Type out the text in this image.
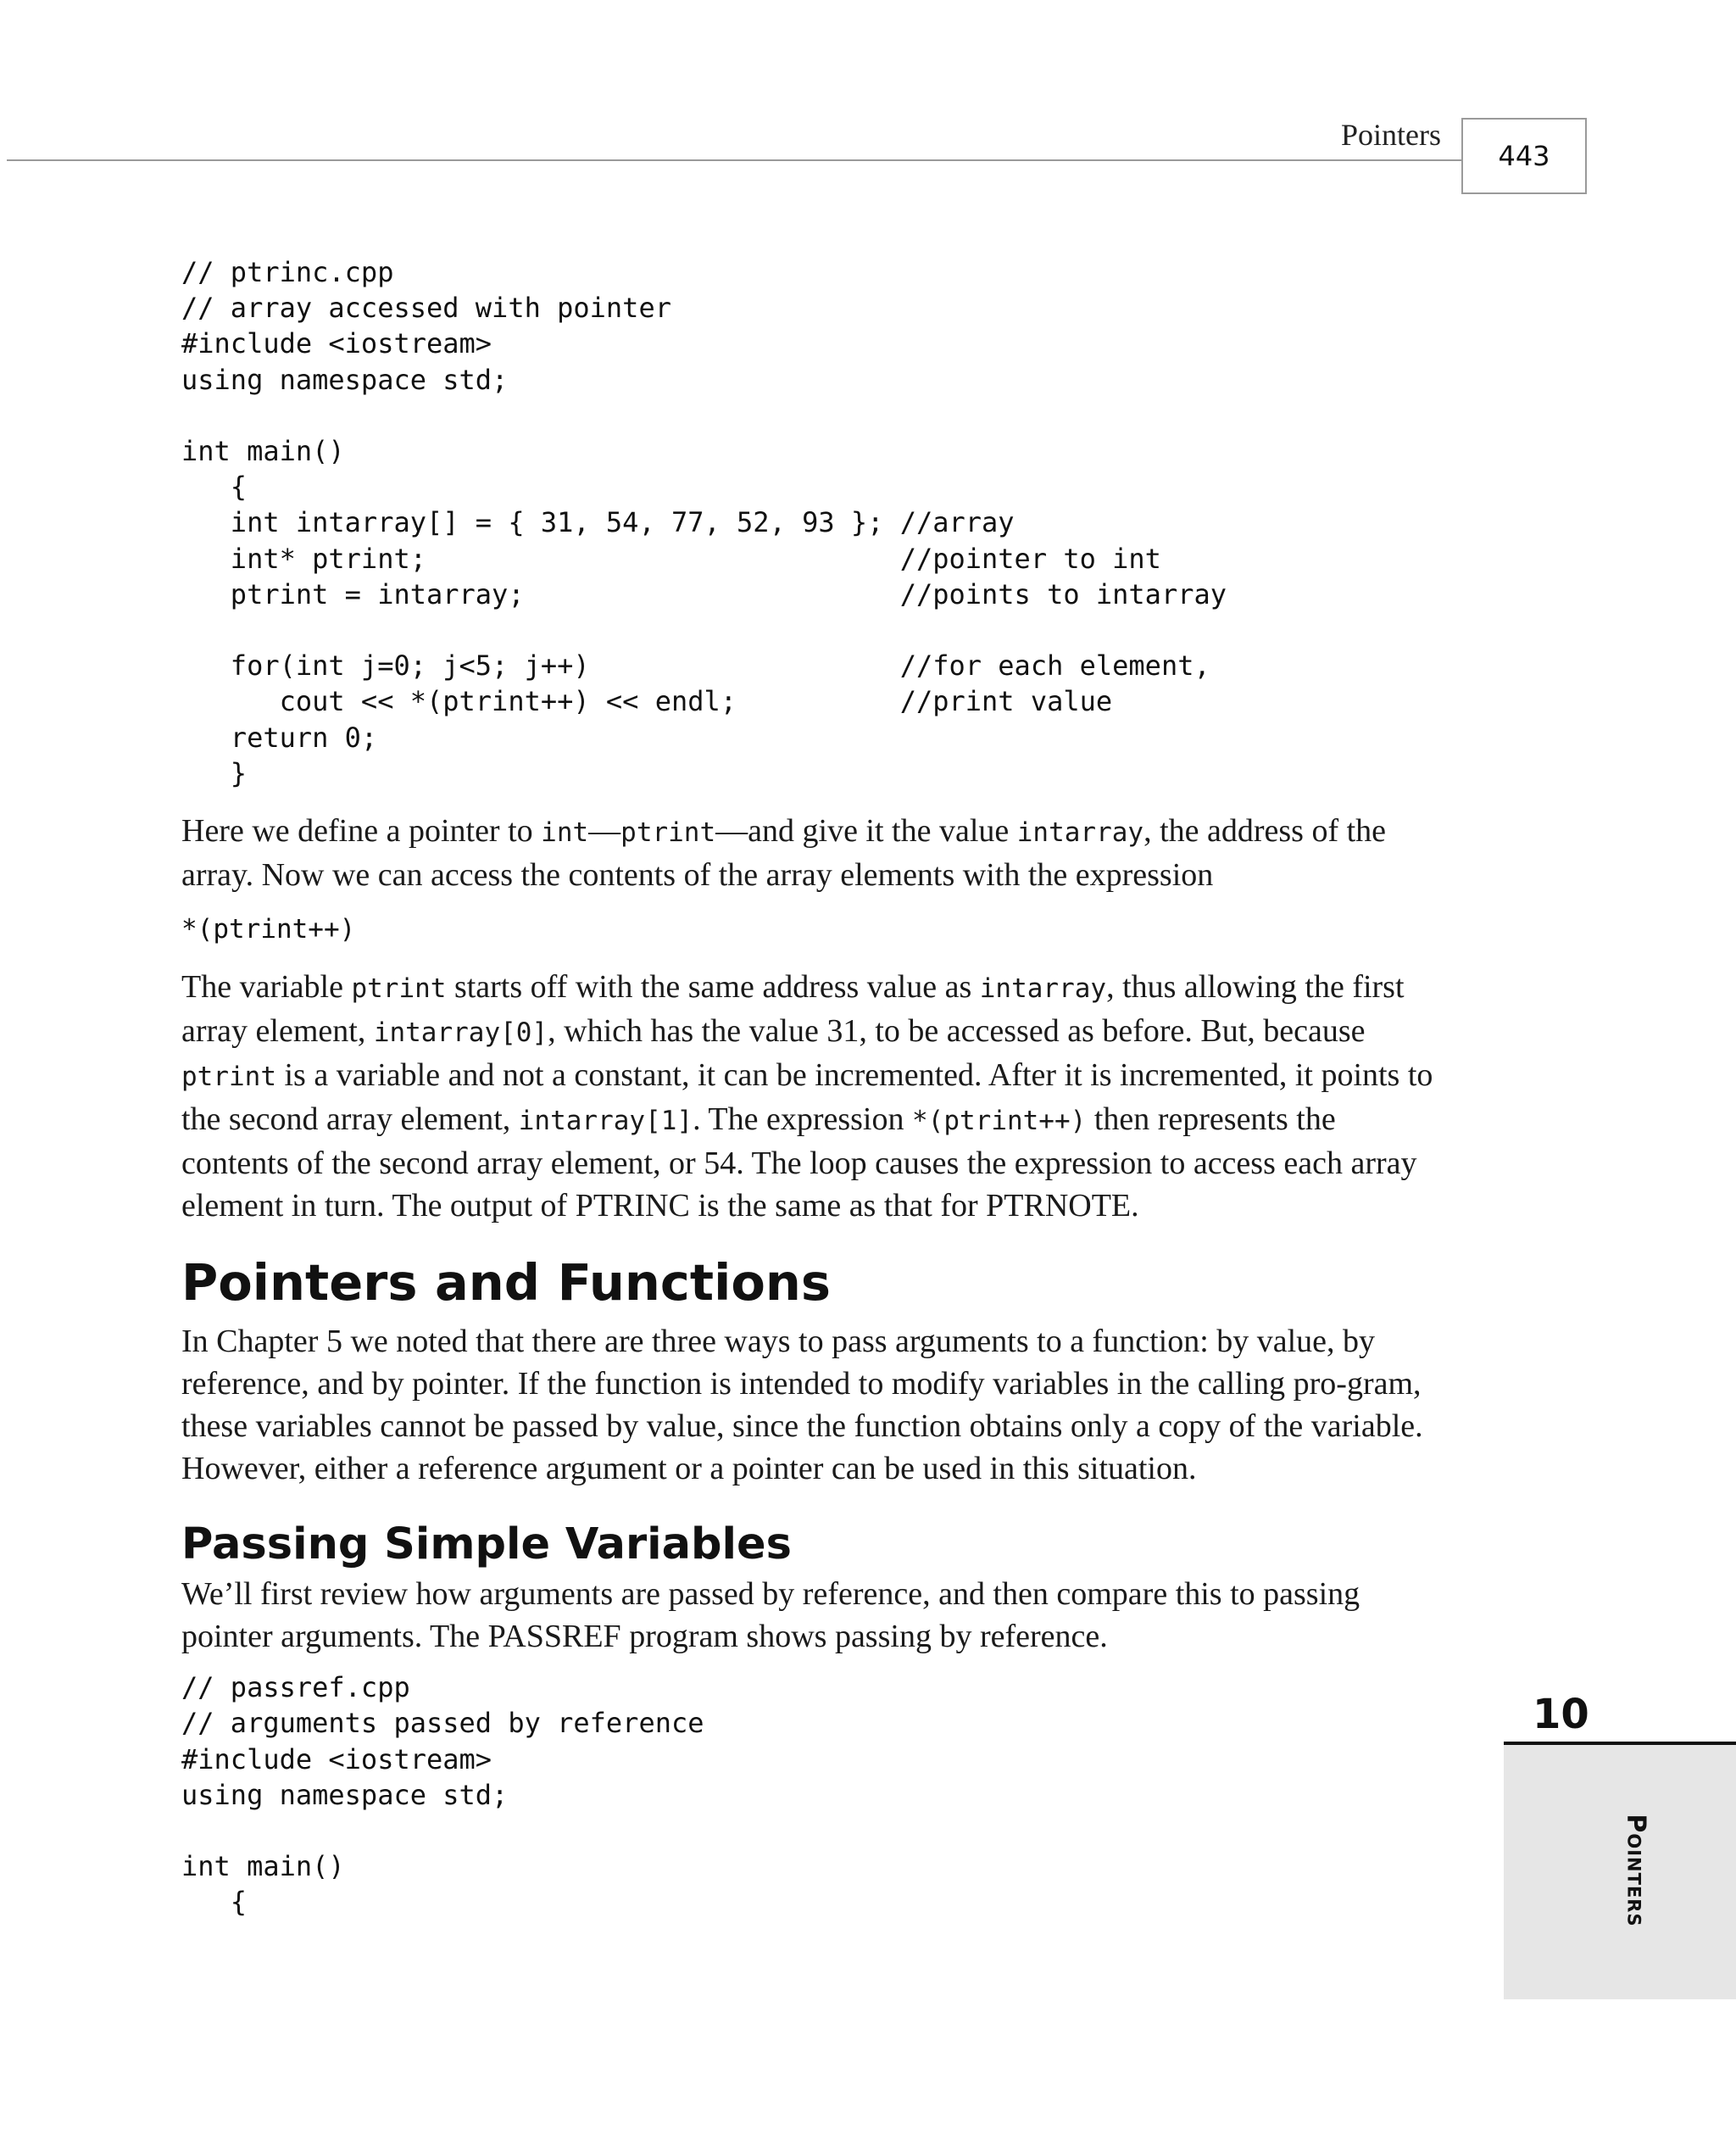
Pointers
443
// ptrinc.cpp
// array accessed with pointer
#include <iostream>
using namespace std;

int main()
{
int intarray[] = { 31, 54, 77, 52, 93 }; //array
int* ptrint;                             //pointer to int
ptrint = intarray;                       //points to intarray

for(int j=0; j<5; j++)                   //for each element,
cout << *(ptrint++) << endl;          //print value
return 0;
}

Here we define a pointer to int—ptrint—and give it the value intarray, the address of the array. Now we can access the contents of the array elements with the expression

*(ptrint++)

The variable ptrint starts off with the same address value as intarray, thus allowing the first array element, intarray[0], which has the value 31, to be accessed as before. But, because ptrint is a variable and not a constant, it can be incremented. After it is incremented, it points to the second array element, intarray[1]. The expression *(ptrint++) then represents the contents of the second array element, or 54. The loop causes the expression to access each array element in turn. The output of PTRINC is the same as that for PTRNOTE.

Pointers and Functions

In Chapter 5 we noted that there are three ways to pass arguments to a function: by value, by reference, and by pointer. If the function is intended to modify variables in the calling pro-gram, these variables cannot be passed by value, since the function obtains only a copy of the variable. However, either a reference argument or a pointer can be used in this situation.

Passing Simple Variables

We’ll first review how arguments are passed by reference, and then compare this to passing pointer arguments. The PASSREF program shows passing by reference.

// passref.cpp
// arguments passed by reference
#include <iostream>
using namespace std;

int main()
{
10
Pointers
